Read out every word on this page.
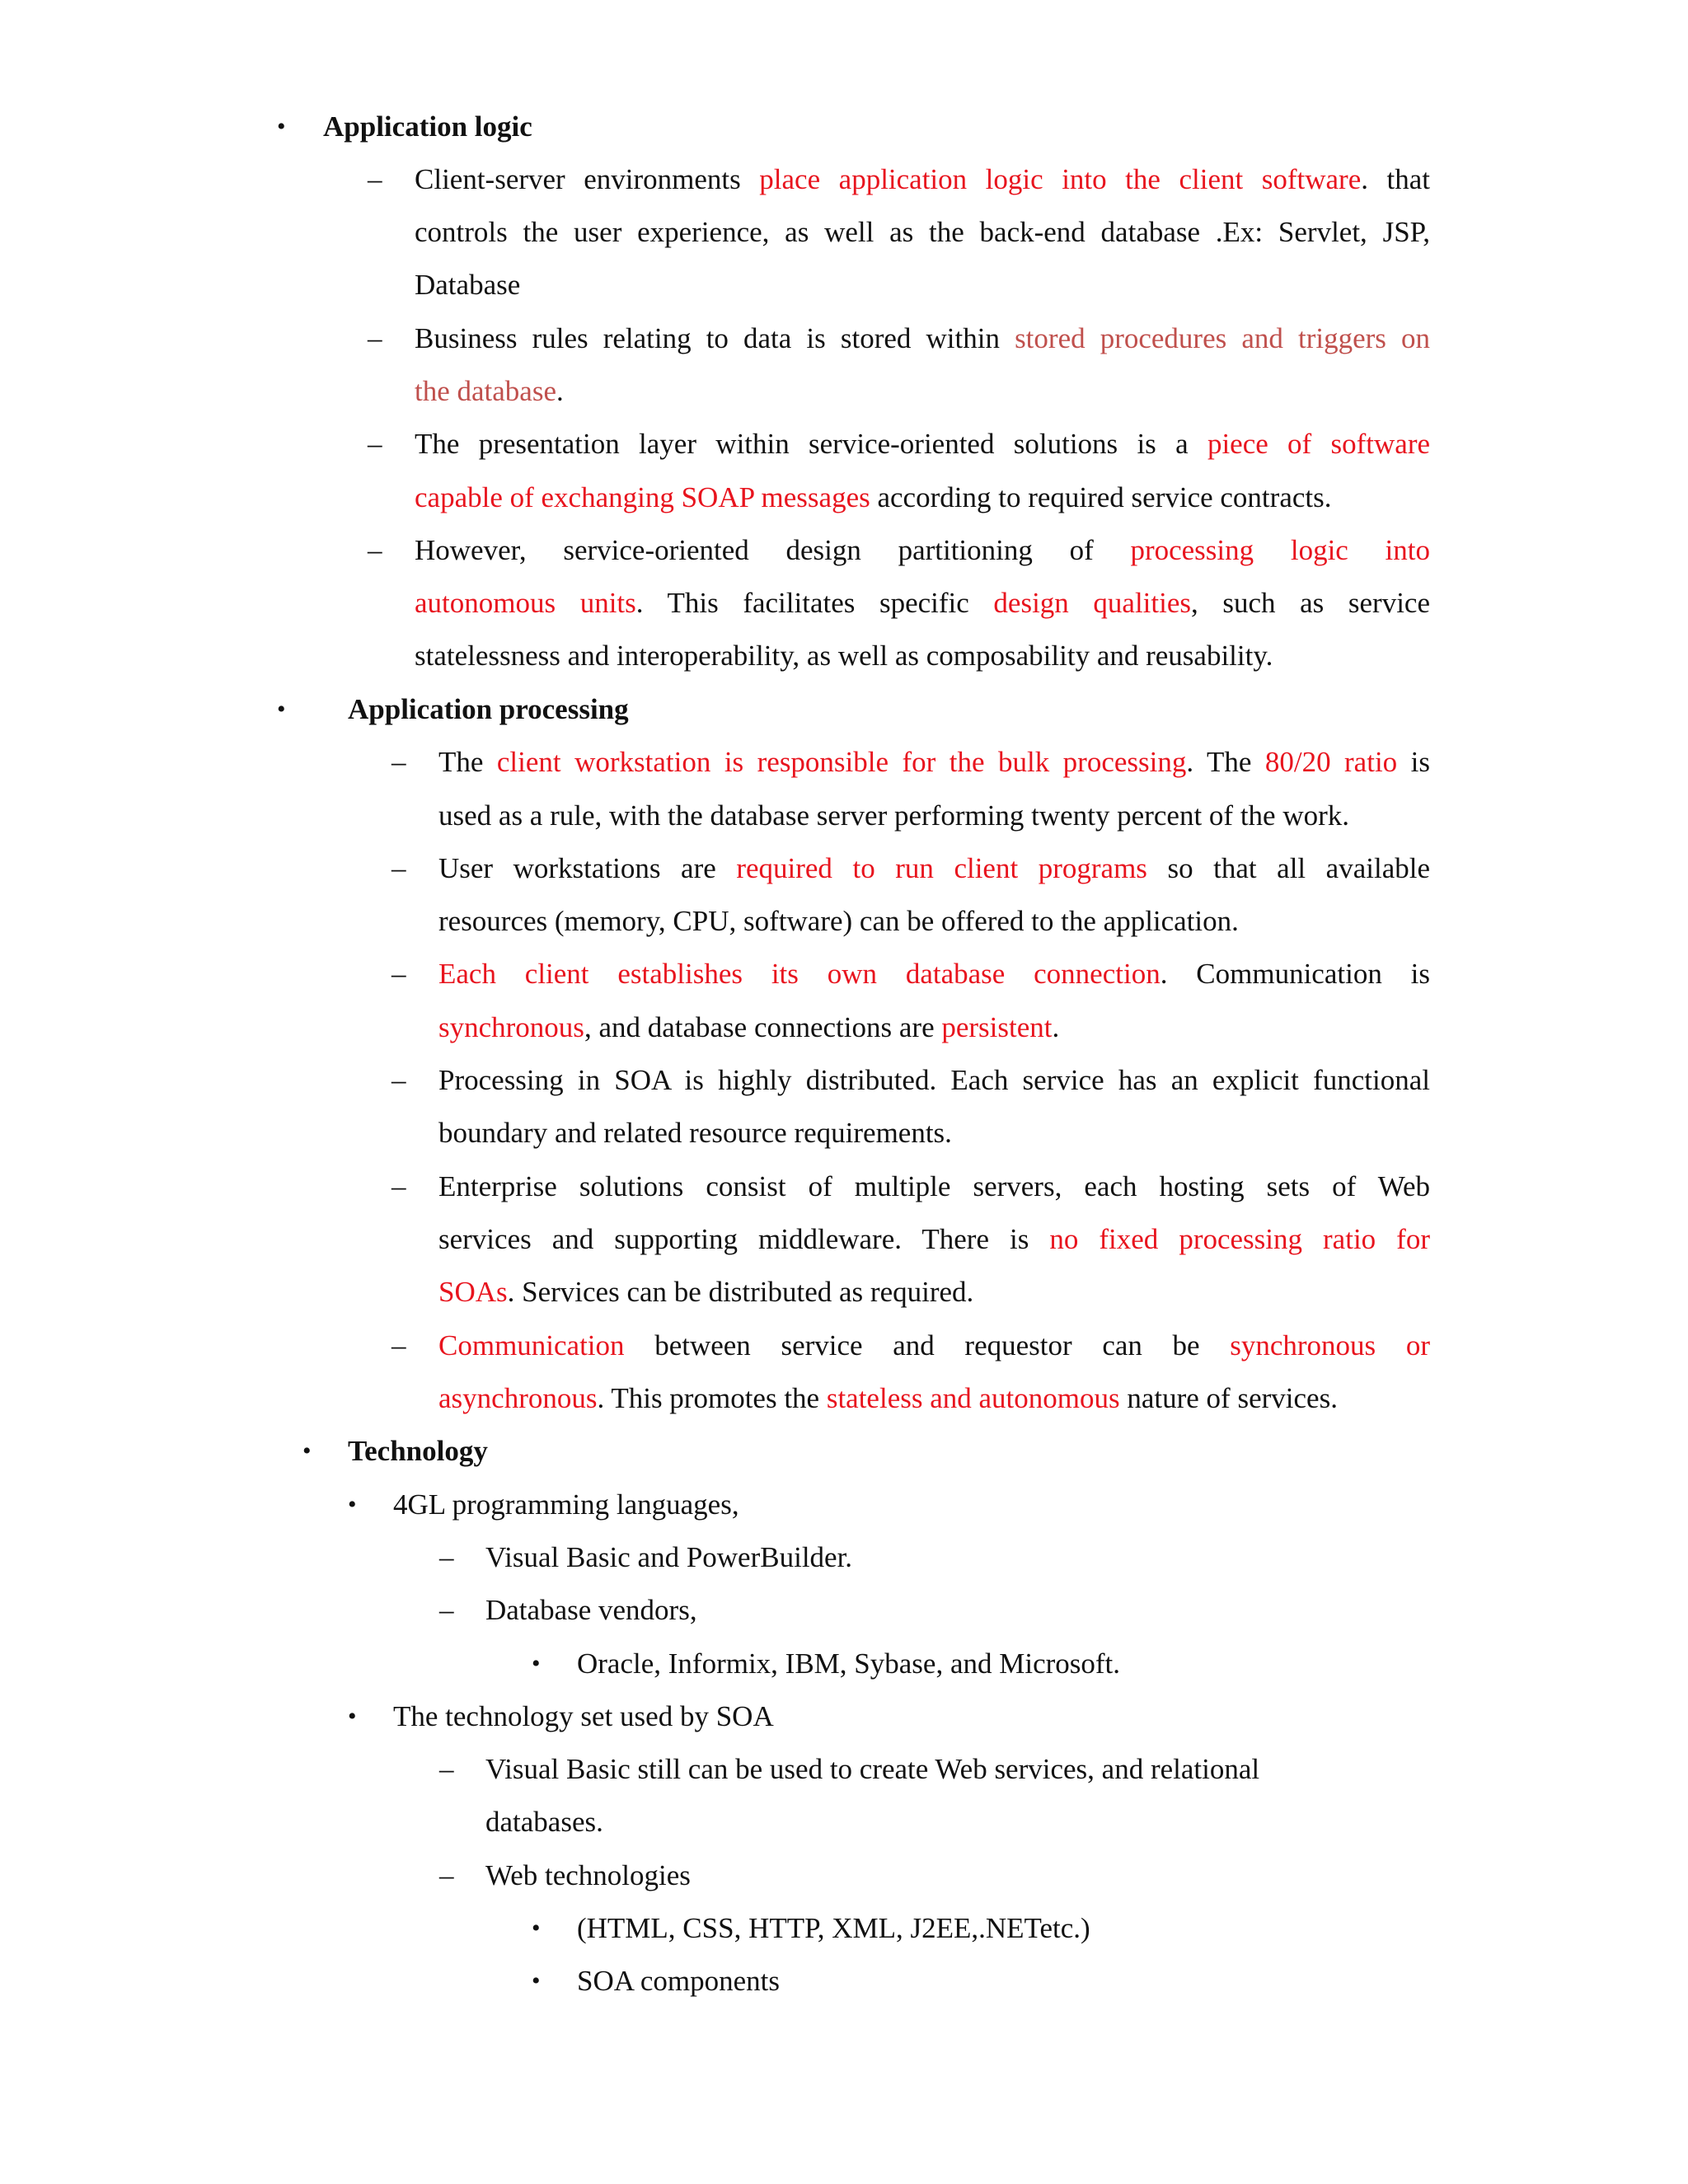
• Application logic

– Client-server environments place application logic into the client software. that

controls the user experience, as well as the back-end database .Ex: Servlet, JSP,

Database

– Business rules relating to data is stored within stored procedures and triggers on

the database.

– The presentation layer within service-oriented solutions is a piece of software

capable of exchanging SOAP messages according to required service contracts.

– However, service-oriented design partitioning of processing logic into

autonomous units. This facilitates specific design qualities, such as service

statelessness and interoperability, as well as composability and reusability.

• Application processing

– The client workstation is responsible for the bulk processing. The 80/20 ratio is

used as a rule, with the database server performing twenty percent of the work.

– User workstations are required to run client programs so that all available

resources (memory, CPU, software) can be offered to the application.

– Each client establishes its own database connection. Communication is

synchronous, and database connections are persistent.

– Processing in SOA is highly distributed. Each service has an explicit functional

boundary and related resource requirements.

– Enterprise solutions consist of multiple servers, each hosting sets of Web

services and supporting middleware. There is no fixed processing ratio for

SOAs. Services can be distributed as required.

– Communication between service and requestor can be synchronous or

asynchronous. This promotes the stateless and autonomous nature of services.

• Technology

• 4GL programming languages,

– Visual Basic and PowerBuilder.

– Database vendors,

• Oracle, Informix, IBM, Sybase, and Microsoft.

• The technology set used by SOA

– Visual Basic still can be used to create Web services, and relational

databases.

– Web technologies

• (HTML, CSS, HTTP, XML, J2EE,.NETetc.)

• SOA components
